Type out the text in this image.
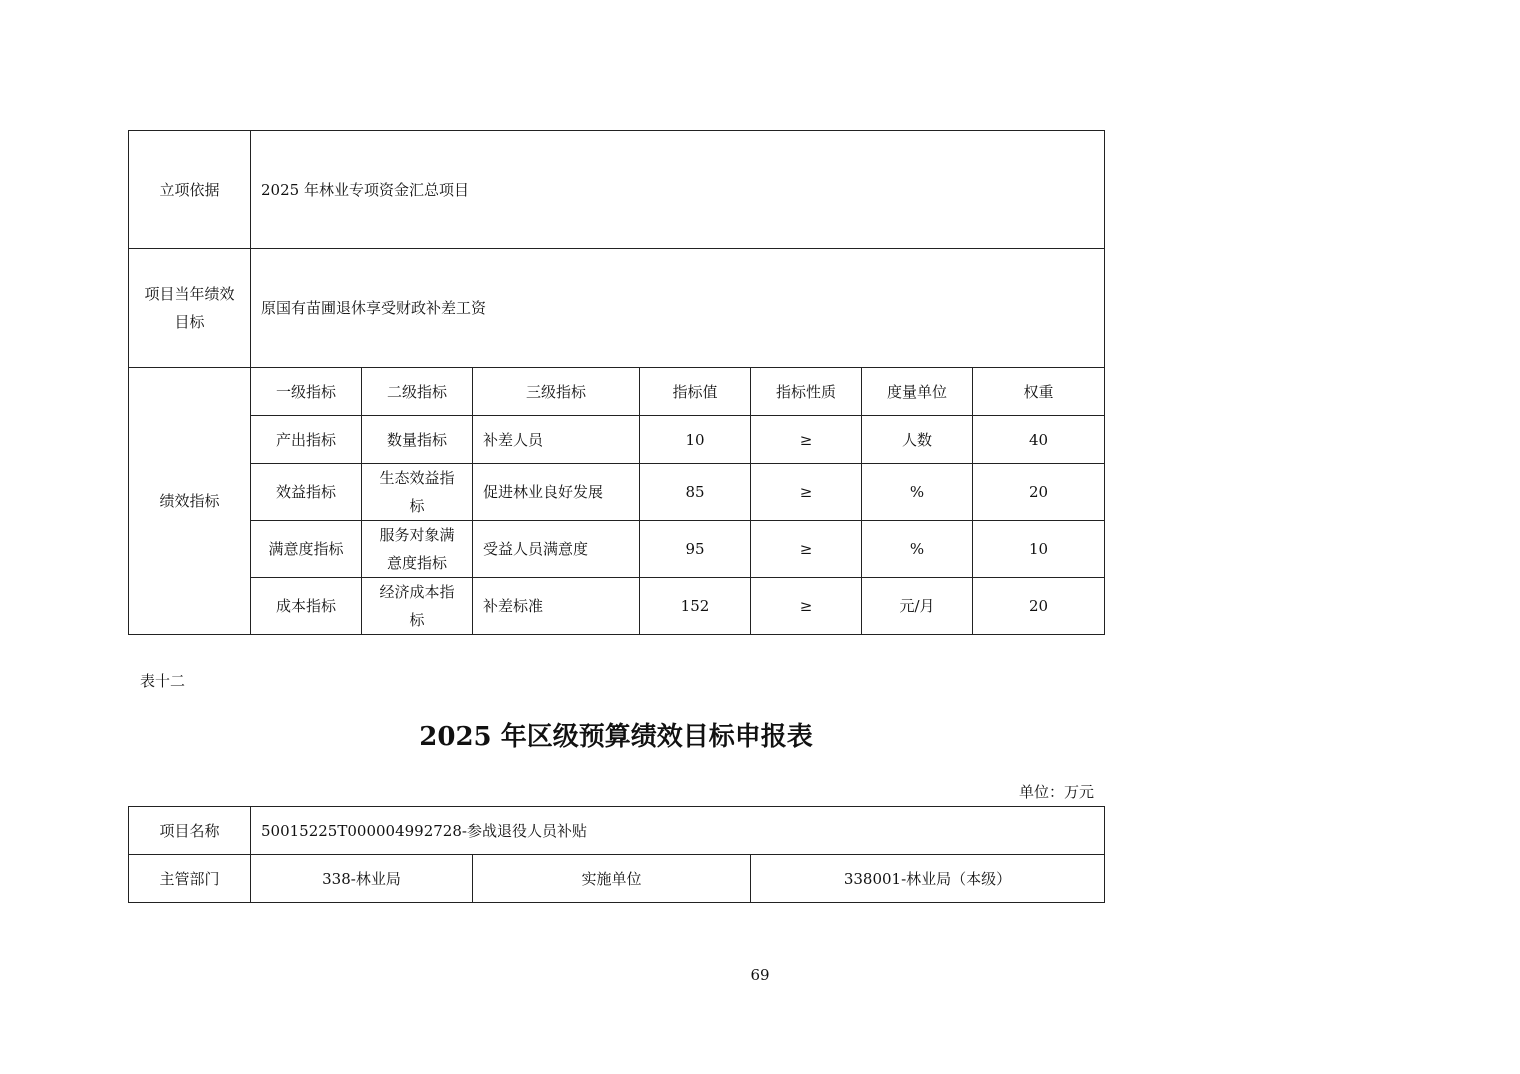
立项依据	2025 年林业专项资金汇总项目						
项目当年绩效目标	原国有苗圃退休享受财政补差工资						
绩效指标	一级指标	二级指标	三级指标	指标值	指标性质	度量单位	权重
	产出指标	数量指标	补差人员	10	≥	人数	40
	效益指标	生态效益指标	促进林业良好发展	85	≥	%	20
	满意度指标	服务对象满意度指标	受益人员满意度	95	≥	%	10
	成本指标	经济成本指标	补差标准	152	≥	元/月	20
表十二
2025 年区级预算绩效目标申报表
单位：万元
项目名称	50015225T000004992728-参战退役人员补贴		
主管部门	338-林业局	实施单位	338001-林业局（本级）
69
